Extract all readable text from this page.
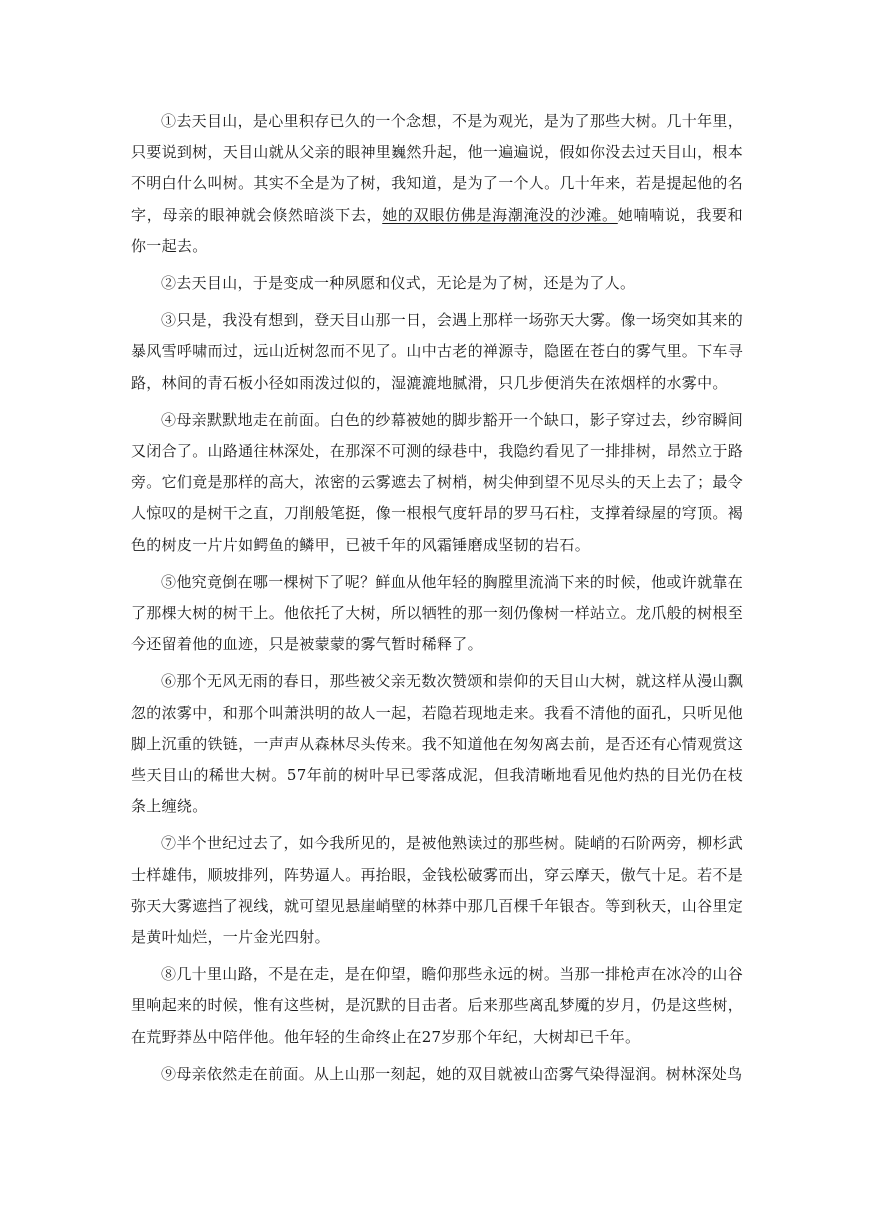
①去天目山，是心里积存已久的一个念想，不是为观光，是为了那些大树。几十年里，只要说到树，天目山就从父亲的眼神里巍然升起，他一遍遍说，假如你没去过天目山，根本不明白什么叫树。其实不全是为了树，我知道，是为了一个人。几十年来，若是提起他的名字，母亲的眼神就会倏然暗淡下去，她的双眼仿佛是海潮淹没的沙滩。她喃喃说，我要和你一起去。

②去天目山，于是变成一种夙愿和仪式，无论是为了树，还是为了人。

③只是，我没有想到，登天目山那一日，会遇上那样一场弥天大雾。像一场突如其来的暴风雪呼啸而过，远山近树忽而不见了。山中古老的禅源寺，隐匿在苍白的雾气里。下车寻路，林间的青石板小径如雨泼过似的，湿漉漉地腻滑，只几步便消失在浓烟样的水雾中。

④母亲默默地走在前面。白色的纱幕被她的脚步豁开一个缺口，影子穿过去，纱帘瞬间又闭合了。山路通往林深处，在那深不可测的绿巷中，我隐约看见了一排排树，昂然立于路旁。它们竟是那样的高大，浓密的云雾遮去了树梢，树尖伸到望不见尽头的天上去了；最令人惊叹的是树干之直，刀削般笔挺，像一根根气度轩昂的罗马石柱，支撑着绿屋的穹顶。褐色的树皮一片片如鳄鱼的鳞甲，已被千年的风霜锤磨成坚韧的岩石。

⑤他究竟倒在哪一棵树下了呢？鲜血从他年轻的胸膛里流淌下来的时候，他或许就靠在了那棵大树的树干上。他依托了大树，所以牺牲的那一刻仍像树一样站立。龙爪般的树根至今还留着他的血迹，只是被蒙蒙的雾气暂时稀释了。

⑥那个无风无雨的春日，那些被父亲无数次赞颂和崇仰的天目山大树，就这样从漫山飘忽的浓雾中，和那个叫萧洪明的故人一起，若隐若现地走来。我看不清他的面孔，只听见他脚上沉重的铁链，一声声从森林尽头传来。我不知道他在匆匆离去前，是否还有心情观赏这些天目山的稀世大树。57年前的树叶早已零落成泥，但我清晰地看见他灼热的目光仍在枝条上缠绕。

⑦半个世纪过去了，如今我所见的，是被他熟读过的那些树。陡峭的石阶两旁，柳杉武士样雄伟，顺坡排列，阵势逼人。再抬眼，金钱松破雾而出，穿云摩天，傲气十足。若不是弥天大雾遮挡了视线，就可望见悬崖峭壁的林莽中那几百棵千年银杏。等到秋天，山谷里定是黄叶灿烂，一片金光四射。

⑧几十里山路，不是在走，是在仰望，瞻仰那些永远的树。当那一排枪声在冰冷的山谷里响起来的时候，惟有这些树，是沉默的目击者。后来那些离乱梦魇的岁月，仍是这些树，在荒野莽丛中陪伴他。他年轻的生命终止在27岁那个年纪，大树却已千年。

⑨母亲依然走在前面。从上山那一刻起，她的双目就被山峦雾气染得湿润。树林深处鸟
